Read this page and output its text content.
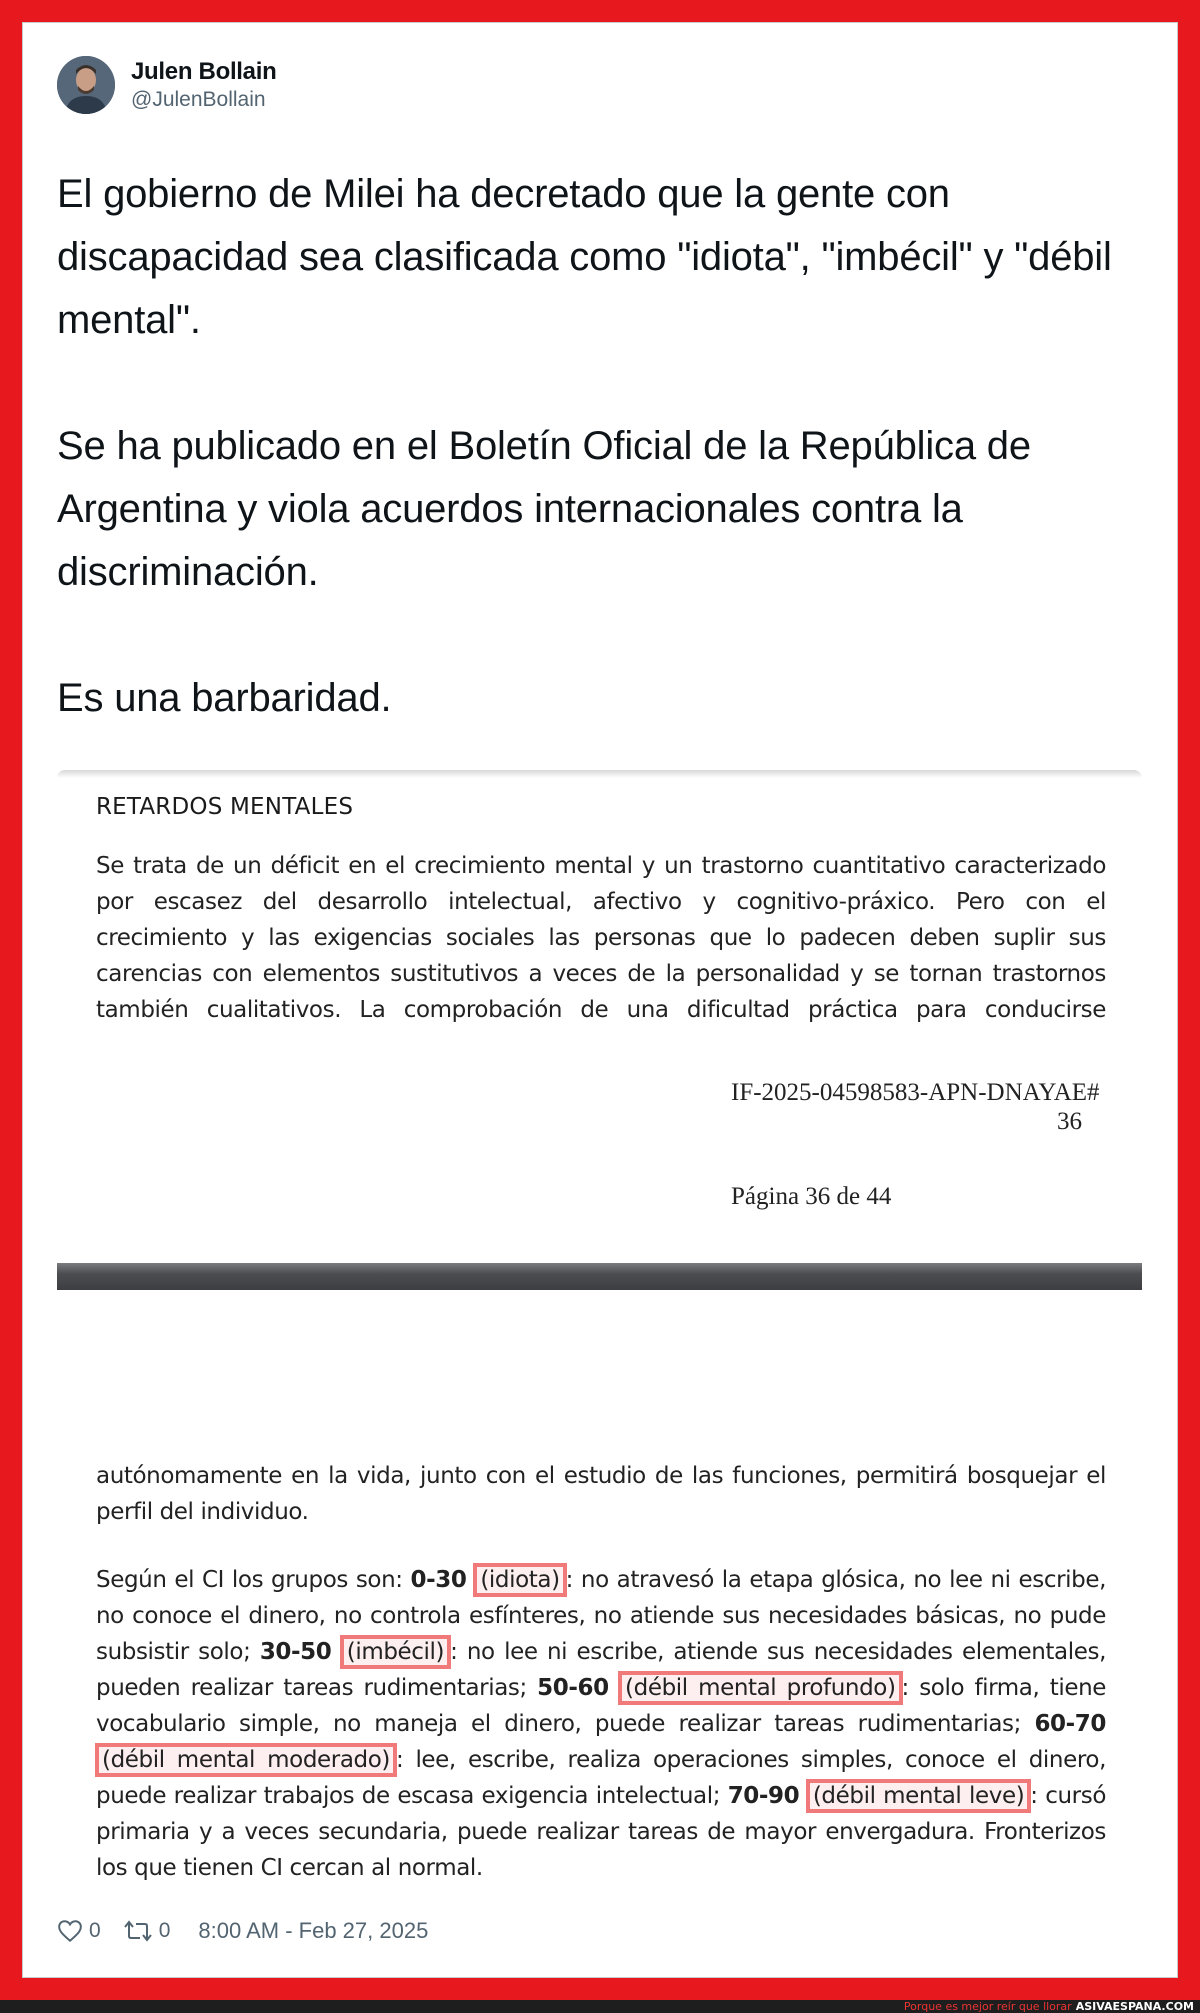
Julen Bollain
@JulenBollain

El gobierno de Milei ha decretado que la gente con discapacidad sea clasificada como "idiota", "imbécil" y "débil mental".

Se ha publicado en el Boletín Oficial de la República de Argentina y viola acuerdos internacionales contra la discriminación.

Es una barbaridad.

RETARDOS MENTALES
Se trata de un déficit en el crecimiento mental y un trastorno cuantitativo caracterizado
por escasez del desarrollo intelectual, afectivo y cognitivo-práxico. Pero con el
crecimiento y las exigencias sociales las personas que lo padecen deben suplir sus
carencias con elementos sustitutivos a veces de la personalidad y se tornan trastornos
también cualitativos. La comprobación de una dificultad práctica para conducirse
IF-2025-04598583-APN-DNAYAE#
36
Página 36 de 44
autónomamente en la vida, junto con el estudio de las funciones, permitirá bosquejar el
perfil del individuo.
Según el CI los grupos son: 0-30 (idiota) : no atravesó la etapa glósica, no lee ni escribe,
no conoce el dinero, no controla esfínteres, no atiende sus necesidades básicas, no pude
subsistir solo; 30-50 (imbécil) : no lee ni escribe, atiende sus necesidades elementales,
pueden realizar tareas rudimentarias; 50-60 (débil mental profundo) : solo firma, tiene
vocabulario simple, no maneja el dinero, puede realizar tareas rudimentarias; 60-70
(débil mental moderado) : lee, escribe, realiza operaciones simples, conoce el dinero,
puede realizar trabajos de escasa exigencia intelectual; 70-90 (débil mental leve) : cursó
primaria y a veces secundaria, puede realizar tareas de mayor envergadura. Fronterizos
los que tienen CI cercan al normal.
0	0 8:00 AM - Feb 27, 2025
Porque es mejor reír que llorar ASIVAESPANA.COM
